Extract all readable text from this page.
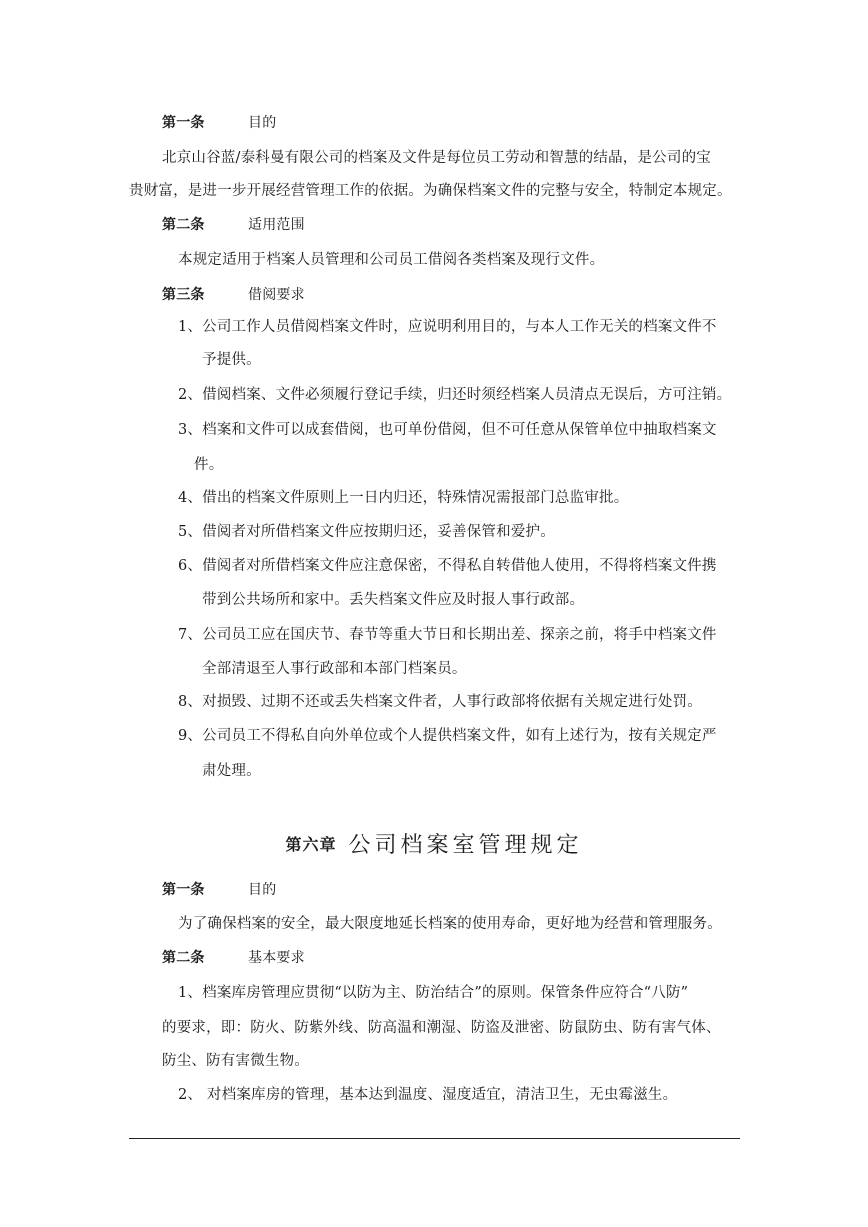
第一条	目的
北京山谷蓝/泰科曼有限公司的档案及文件是每位员工劳动和智慧的结晶，是公司的宝
贵财富，是进一步开展经营管理工作的依据。为确保档案文件的完整与安全，特制定本规定。
第二条	适用范围
本规定适用于档案人员管理和公司员工借阅各类档案及现行文件。
第三条	借阅要求
1、公司工作人员借阅档案文件时，应说明利用目的，与本人工作无关的档案文件不
予提供。
2、借阅档案、文件必须履行登记手续，归还时须经档案人员清点无误后，方可注销。
3、档案和文件可以成套借阅，也可单份借阅，但不可任意从保管单位中抽取档案文
件。
4、借出的档案文件原则上一日内归还，特殊情况需报部门总监审批。
5、借阅者对所借档案文件应按期归还，妥善保管和爱护。
6、借阅者对所借档案文件应注意保密，不得私自转借他人使用，不得将档案文件携
带到公共场所和家中。丢失档案文件应及时报人事行政部。
7、公司员工应在国庆节、春节等重大节日和长期出差、探亲之前，将手中档案文件
全部清退至人事行政部和本部门档案员。
8、对损毁、过期不还或丢失档案文件者，人事行政部将依据有关规定进行处罚。
9、公司员工不得私自向外单位或个人提供档案文件，如有上述行为，按有关规定严
肃处理。
第六章 公司档案室管理规定
第一条	目的
为了确保档案的安全，最大限度地延长档案的使用寿命，更好地为经营和管理服务。
第二条	基本要求
1、档案库房管理应贯彻“以防为主、防治结合”的原则。保管条件应符合“八防”
的要求，即：防火、防紫外线、防高温和潮湿、防盗及泄密、防鼠防虫、防有害气体、
防尘、防有害微生物。
2、 对档案库房的管理，基本达到温度、湿度适宜，清洁卫生，无虫霉滋生。
